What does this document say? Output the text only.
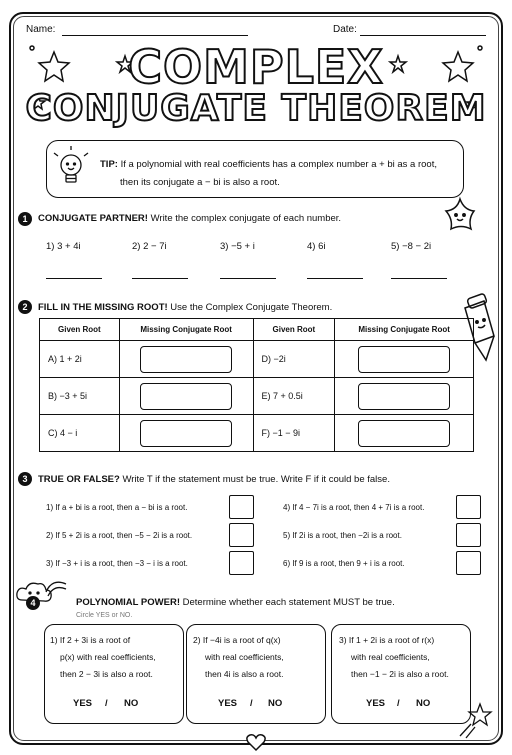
Name:	Date:
COMPLEX
CONJUGATE THEOREM
TIP: If a polynomial with real coefficients has a complex number a + bi as a root,
then its conjugate a − bi is also a root.
1	CONJUGATE PARTNER! Write the complex conjugate of each number.
1) 3 + 4i	2) 2 − 7i	3) −5 + i	4) 6i	5) −8 − 2i
2	FILL IN THE MISSING ROOT! Use the Complex Conjugate Theorem.
Given Root	Missing Conjugate Root	Given Root	Missing Conjugate Root
A) 1 + 2i		D) −2i	
B) −3 + 5i		E) 7 + 0.5i	
C) 4 − i		F) −1 − 9i	
3	TRUE OR FALSE? Write T if the statement must be true. Write F if it could be false.
1) If a + bi is a root, then a − bi is a root.
2) If 5 + 2i is a root, then −5 − 2i is a root.
3) If −3 + i is a root, then −3 − i is a root.
4) If 4 − 7i is a root, then 4 + 7i is a root.
5) If 2i is a root, then −2i is a root.
6) If 9 is a root, then 9 + i is a root.
4	POLYNOMIAL POWER! Determine whether each statement MUST be true.
Circle YES or NO.
1) If 2 + 3i is a root of
p(x) with real coefficients,
then 2 − 3i is also a root.
2) If −4i is a root of q(x)
with real coefficients,
then 4i is also a root.
3) If 1 + 2i is a root of r(x)
with real coefficients,
then −1 − 2i is also a root.
YES / NO	YES / NO	YES / NO
